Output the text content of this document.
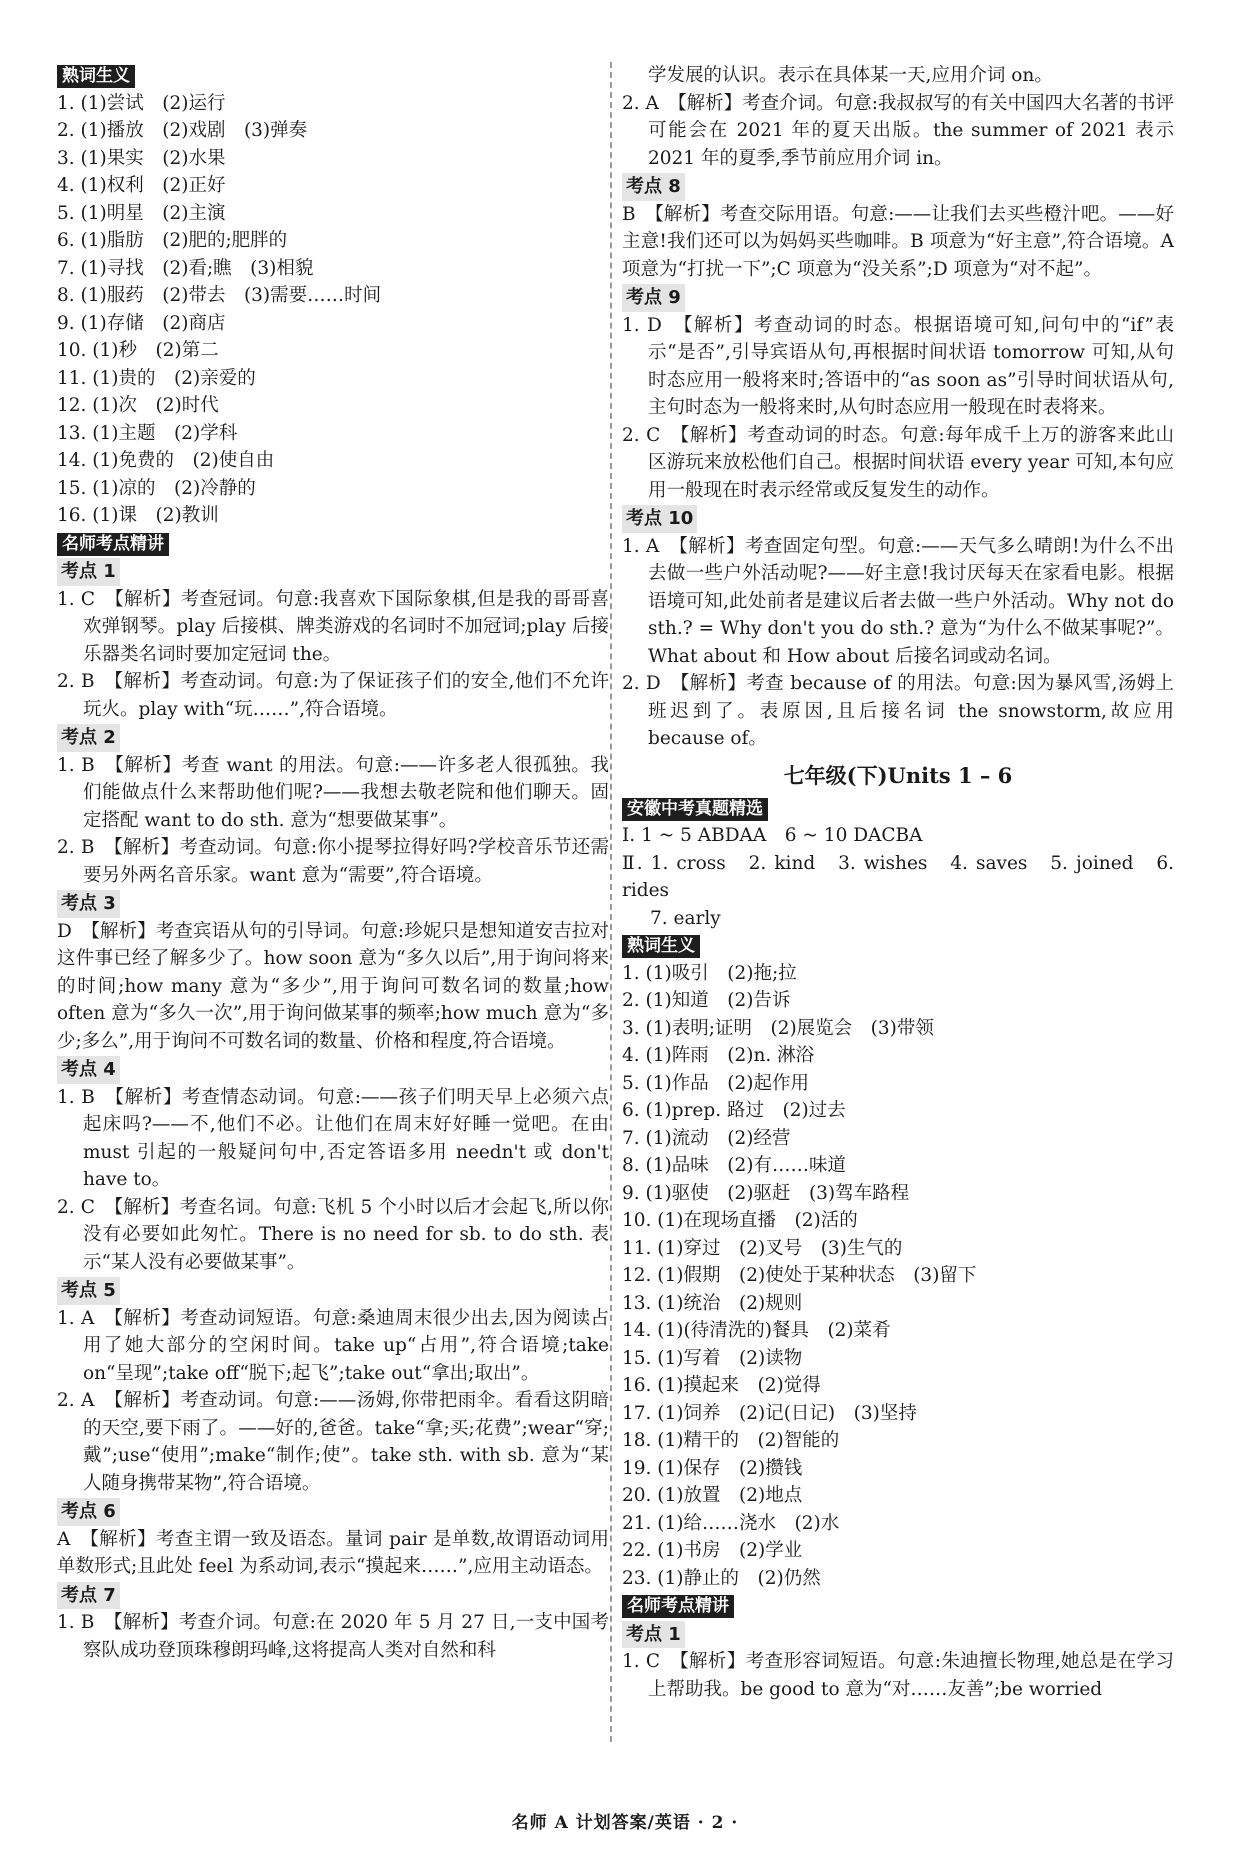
熟词生义
1. (1)尝试　(2)运行
2. (1)播放　(2)戏剧　(3)弹奏
3. (1)果实　(2)水果
4. (1)权利　(2)正好
5. (1)明星　(2)主演
6. (1)脂肪　(2)肥的;肥胖的
7. (1)寻找　(2)看;瞧　(3)相貌
8. (1)服药　(2)带去　(3)需要……时间
9. (1)存储　(2)商店
10. (1)秒　(2)第二
11. (1)贵的　(2)亲爱的
12. (1)次　(2)时代
13. (1)主题　(2)学科
14. (1)免费的　(2)使自由
15. (1)凉的　(2)冷静的
16. (1)课　(2)教训
名师考点精讲
考点 1
1. C　【解析】考查冠词。句意:我喜欢下国际象棋,但是我的哥哥喜欢弹钢琴。play 后接棋、牌类游戏的名词时不加冠词;play 后接乐器类名词时要加定冠词 the。
2. B　【解析】考查动词。句意:为了保证孩子们的安全,他们不允许玩火。play with“玩……”,符合语境。
考点 2
1. B　【解析】考查 want 的用法。句意:——许多老人很孤独。我们能做点什么来帮助他们呢?——我想去敬老院和他们聊天。固定搭配 want to do sth. 意为“想要做某事”。
2. B　【解析】考查动词。句意:你小提琴拉得好吗?学校音乐节还需要另外两名音乐家。want 意为“需要”,符合语境。
考点 3
D　【解析】考查宾语从句的引导词。句意:珍妮只是想知道安吉拉对这件事已经了解多少了。how soon 意为“多久以后”,用于询问将来的时间;how many 意为“多少”,用于询问可数名词的数量;how often 意为“多久一次”,用于询问做某事的频率;how much 意为“多少;多么”,用于询问不可数名词的数量、价格和程度,符合语境。
考点 4
1. B　【解析】考查情态动词。句意:——孩子们明天早上必须六点起床吗?——不,他们不必。让他们在周末好好睡一觉吧。在由 must 引起的一般疑问句中,否定答语多用 needn't 或 don't have to。
2. C　【解析】考查名词。句意:飞机 5 个小时以后才会起飞,所以你没有必要如此匆忙。There is no need for sb. to do sth. 表示“某人没有必要做某事”。
考点 5
1. A　【解析】考查动词短语。句意:桑迪周末很少出去,因为阅读占用了她大部分的空闲时间。take up“占用”,符合语境;take on“呈现”;take off“脱下;起飞”;take out“拿出;取出”。
2. A　【解析】考查动词。句意:——汤姆,你带把雨伞。看看这阴暗的天空,要下雨了。——好的,爸爸。take“拿;买;花费”;wear“穿;戴”;use“使用”;make“制作;使”。take sth. with sb. 意为“某人随身携带某物”,符合语境。
考点 6
A　【解析】考查主谓一致及语态。量词 pair 是单数,故谓语动词用单数形式;且此处 feel 为系动词,表示“摸起来……”,应用主动语态。
考点 7
1. B　【解析】考查介词。句意:在 2020 年 5 月 27 日,一支中国考察队成功登顶珠穆朗玛峰,这将提高人类对自然和科
学发展的认识。表示在具体某一天,应用介词 on。
2. A　【解析】考查介词。句意:我叔叔写的有关中国四大名著的书评可能会在 2021 年的夏天出版。the summer of 2021 表示 2021 年的夏季,季节前应用介词 in。
考点 8
B　【解析】考查交际用语。句意:——让我们去买些橙汁吧。——好主意!我们还可以为妈妈买些咖啡。B 项意为“好主意”,符合语境。A 项意为“打扰一下”;C 项意为“没关系”;D 项意为“对不起”。
考点 9
1. D　【解析】考查动词的时态。根据语境可知,问句中的“if”表示“是否”,引导宾语从句,再根据时间状语 tomorrow 可知,从句时态应用一般将来时;答语中的“as soon as”引导时间状语从句,主句时态为一般将来时,从句时态应用一般现在时表将来。
2. C　【解析】考查动词的时态。句意:每年成千上万的游客来此山区游玩来放松他们自己。根据时间状语 every year 可知,本句应用一般现在时表示经常或反复发生的动作。
考点 10
1. A　【解析】考查固定句型。句意:——天气多么晴朗!为什么不出去做一些户外活动呢?——好主意!我讨厌每天在家看电影。根据语境可知,此处前者是建议后者去做一些户外活动。Why not do sth.? = Why don't you do sth.? 意为“为什么不做某事呢?”。What about 和 How about 后接名词或动名词。
2. D　【解析】考查 because of 的用法。句意:因为暴风雪,汤姆上班迟到了。表原因,且后接名词 the snowstorm,故应用 because of。
七年级(下)Units 1 – 6
安徽中考真题精选
Ⅰ. 1 ~ 5 ABDAA　6 ~ 10 DACBA
Ⅱ. 1. cross　2. kind　3. wishes　4. saves　5. joined　6. rides
7. early
熟词生义
1. (1)吸引　(2)拖;拉
2. (1)知道　(2)告诉
3. (1)表明;证明　(2)展览会　(3)带领
4. (1)阵雨　(2)n. 淋浴
5. (1)作品　(2)起作用
6. (1)prep. 路过　(2)过去
7. (1)流动　(2)经营
8. (1)品味　(2)有……味道
9. (1)驱使　(2)驱赶　(3)驾车路程
10. (1)在现场直播　(2)活的
11. (1)穿过　(2)叉号　(3)生气的
12. (1)假期　(2)使处于某种状态　(3)留下
13. (1)统治　(2)规则
14. (1)(待清洗的)餐具　(2)菜肴
15. (1)写着　(2)读物
16. (1)摸起来　(2)觉得
17. (1)饲养　(2)记(日记)　(3)坚持
18. (1)精干的　(2)智能的
19. (1)保存　(2)攒钱
20. (1)放置　(2)地点
21. (1)给……浇水　(2)水
22. (1)书房　(2)学业
23. (1)静止的　(2)仍然
名师考点精讲
考点 1
1. C　【解析】考查形容词短语。句意:朱迪擅长物理,她总是在学习上帮助我。be good to 意为“对……友善”;be worried
名师 A 计划答案/英语 · 2 ·
